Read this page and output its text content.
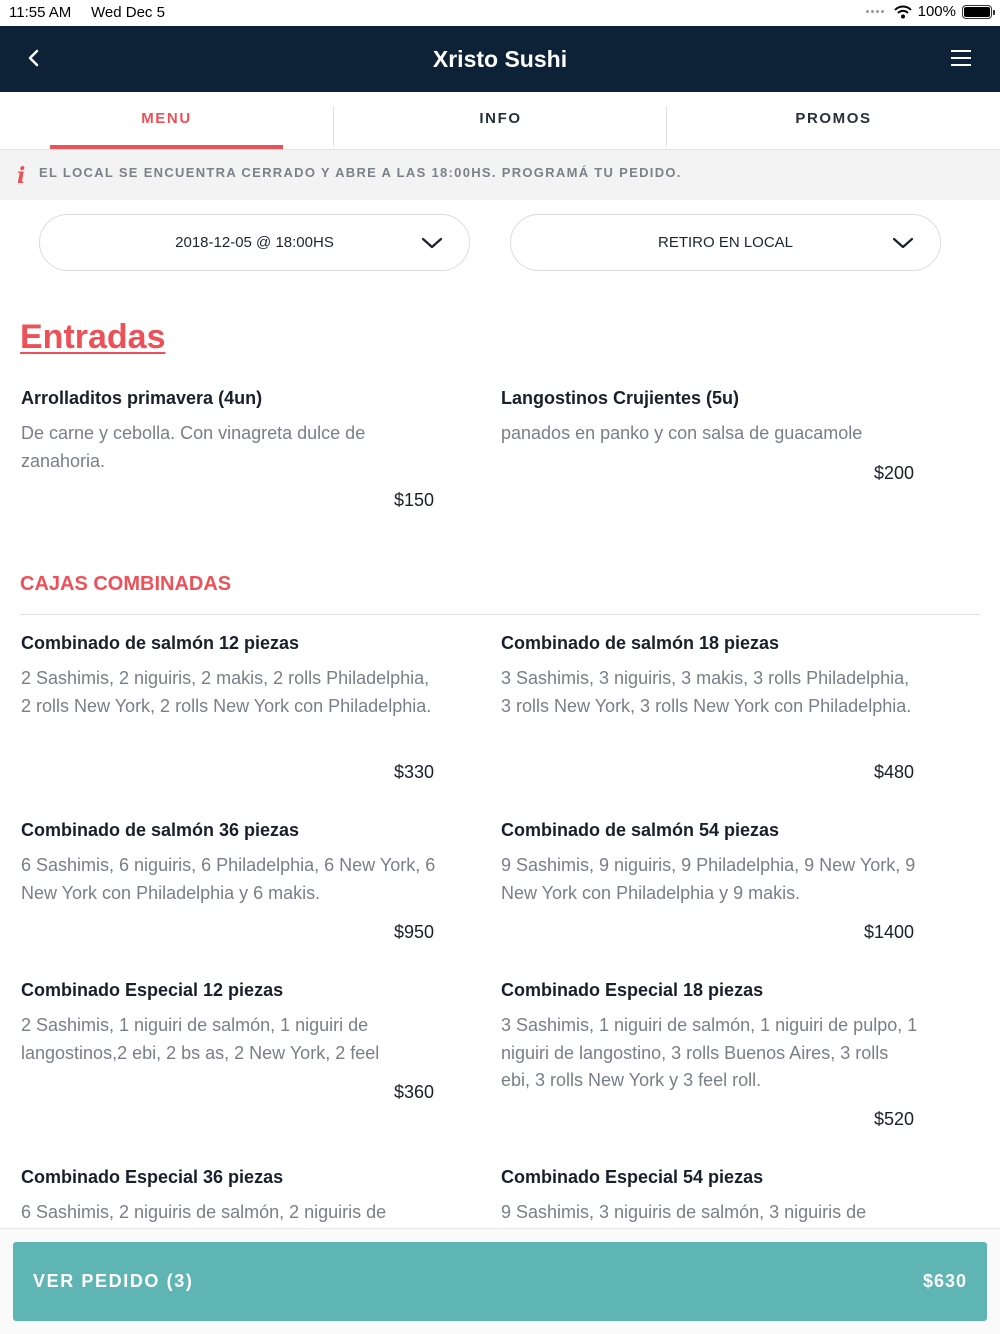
11:55 AM Wed Dec 5	100%
Xristo Sushi
MENU	INFO	PROMOS
i EL LOCAL SE ENCUENTRA CERRADO Y ABRE A LAS 18:00HS. PROGRAMÁ TU PEDIDO.
2018-12-05 @ 18:00HS	RETIRO EN LOCAL
Entradas
Arrolladitos primavera (4un)
De carne y cebolla. Con vinagreta dulce de zanahoria.
$150
Langostinos Crujientes (5u)
panados en panko y con salsa de guacamole
$200
CAJAS COMBINADAS
Combinado de salmón 12 piezas
2 Sashimis, 2 niguiris, 2 makis, 2 rolls Philadelphia, 2 rolls New York, 2 rolls New York con Philadelphia.
$330
Combinado de salmón 18 piezas
3 Sashimis, 3 niguiris, 3 makis, 3 rolls Philadelphia, 3 rolls New York, 3 rolls New York con Philadelphia.
$480
Combinado de salmón 36 piezas
6 Sashimis, 6 niguiris, 6 Philadelphia, 6 New York, 6 New York con Philadelphia y 6 makis.
$950
Combinado de salmón 54 piezas
9 Sashimis, 9 niguiris, 9 Philadelphia, 9 New York, 9 New York con Philadelphia y 9 makis.
$1400
Combinado Especial 12 piezas
2 Sashimis, 1 niguiri de salmón, 1 niguiri de langostinos,2 ebi, 2 bs as, 2 New York, 2 feel
$360
Combinado Especial 18 piezas
3 Sashimis, 1 niguiri de salmón, 1 niguiri de pulpo, 1 niguiri de langostino, 3 rolls Buenos Aires, 3 rolls ebi, 3 rolls New York y 3 feel roll.
$520
Combinado Especial 36 piezas
6 Sashimis, 2 niguiris de salmón, 2 niguiris de
Combinado Especial 54 piezas
9 Sashimis, 3 niguiris de salmón, 3 niguiris de
VER PEDIDO (3)	$630
